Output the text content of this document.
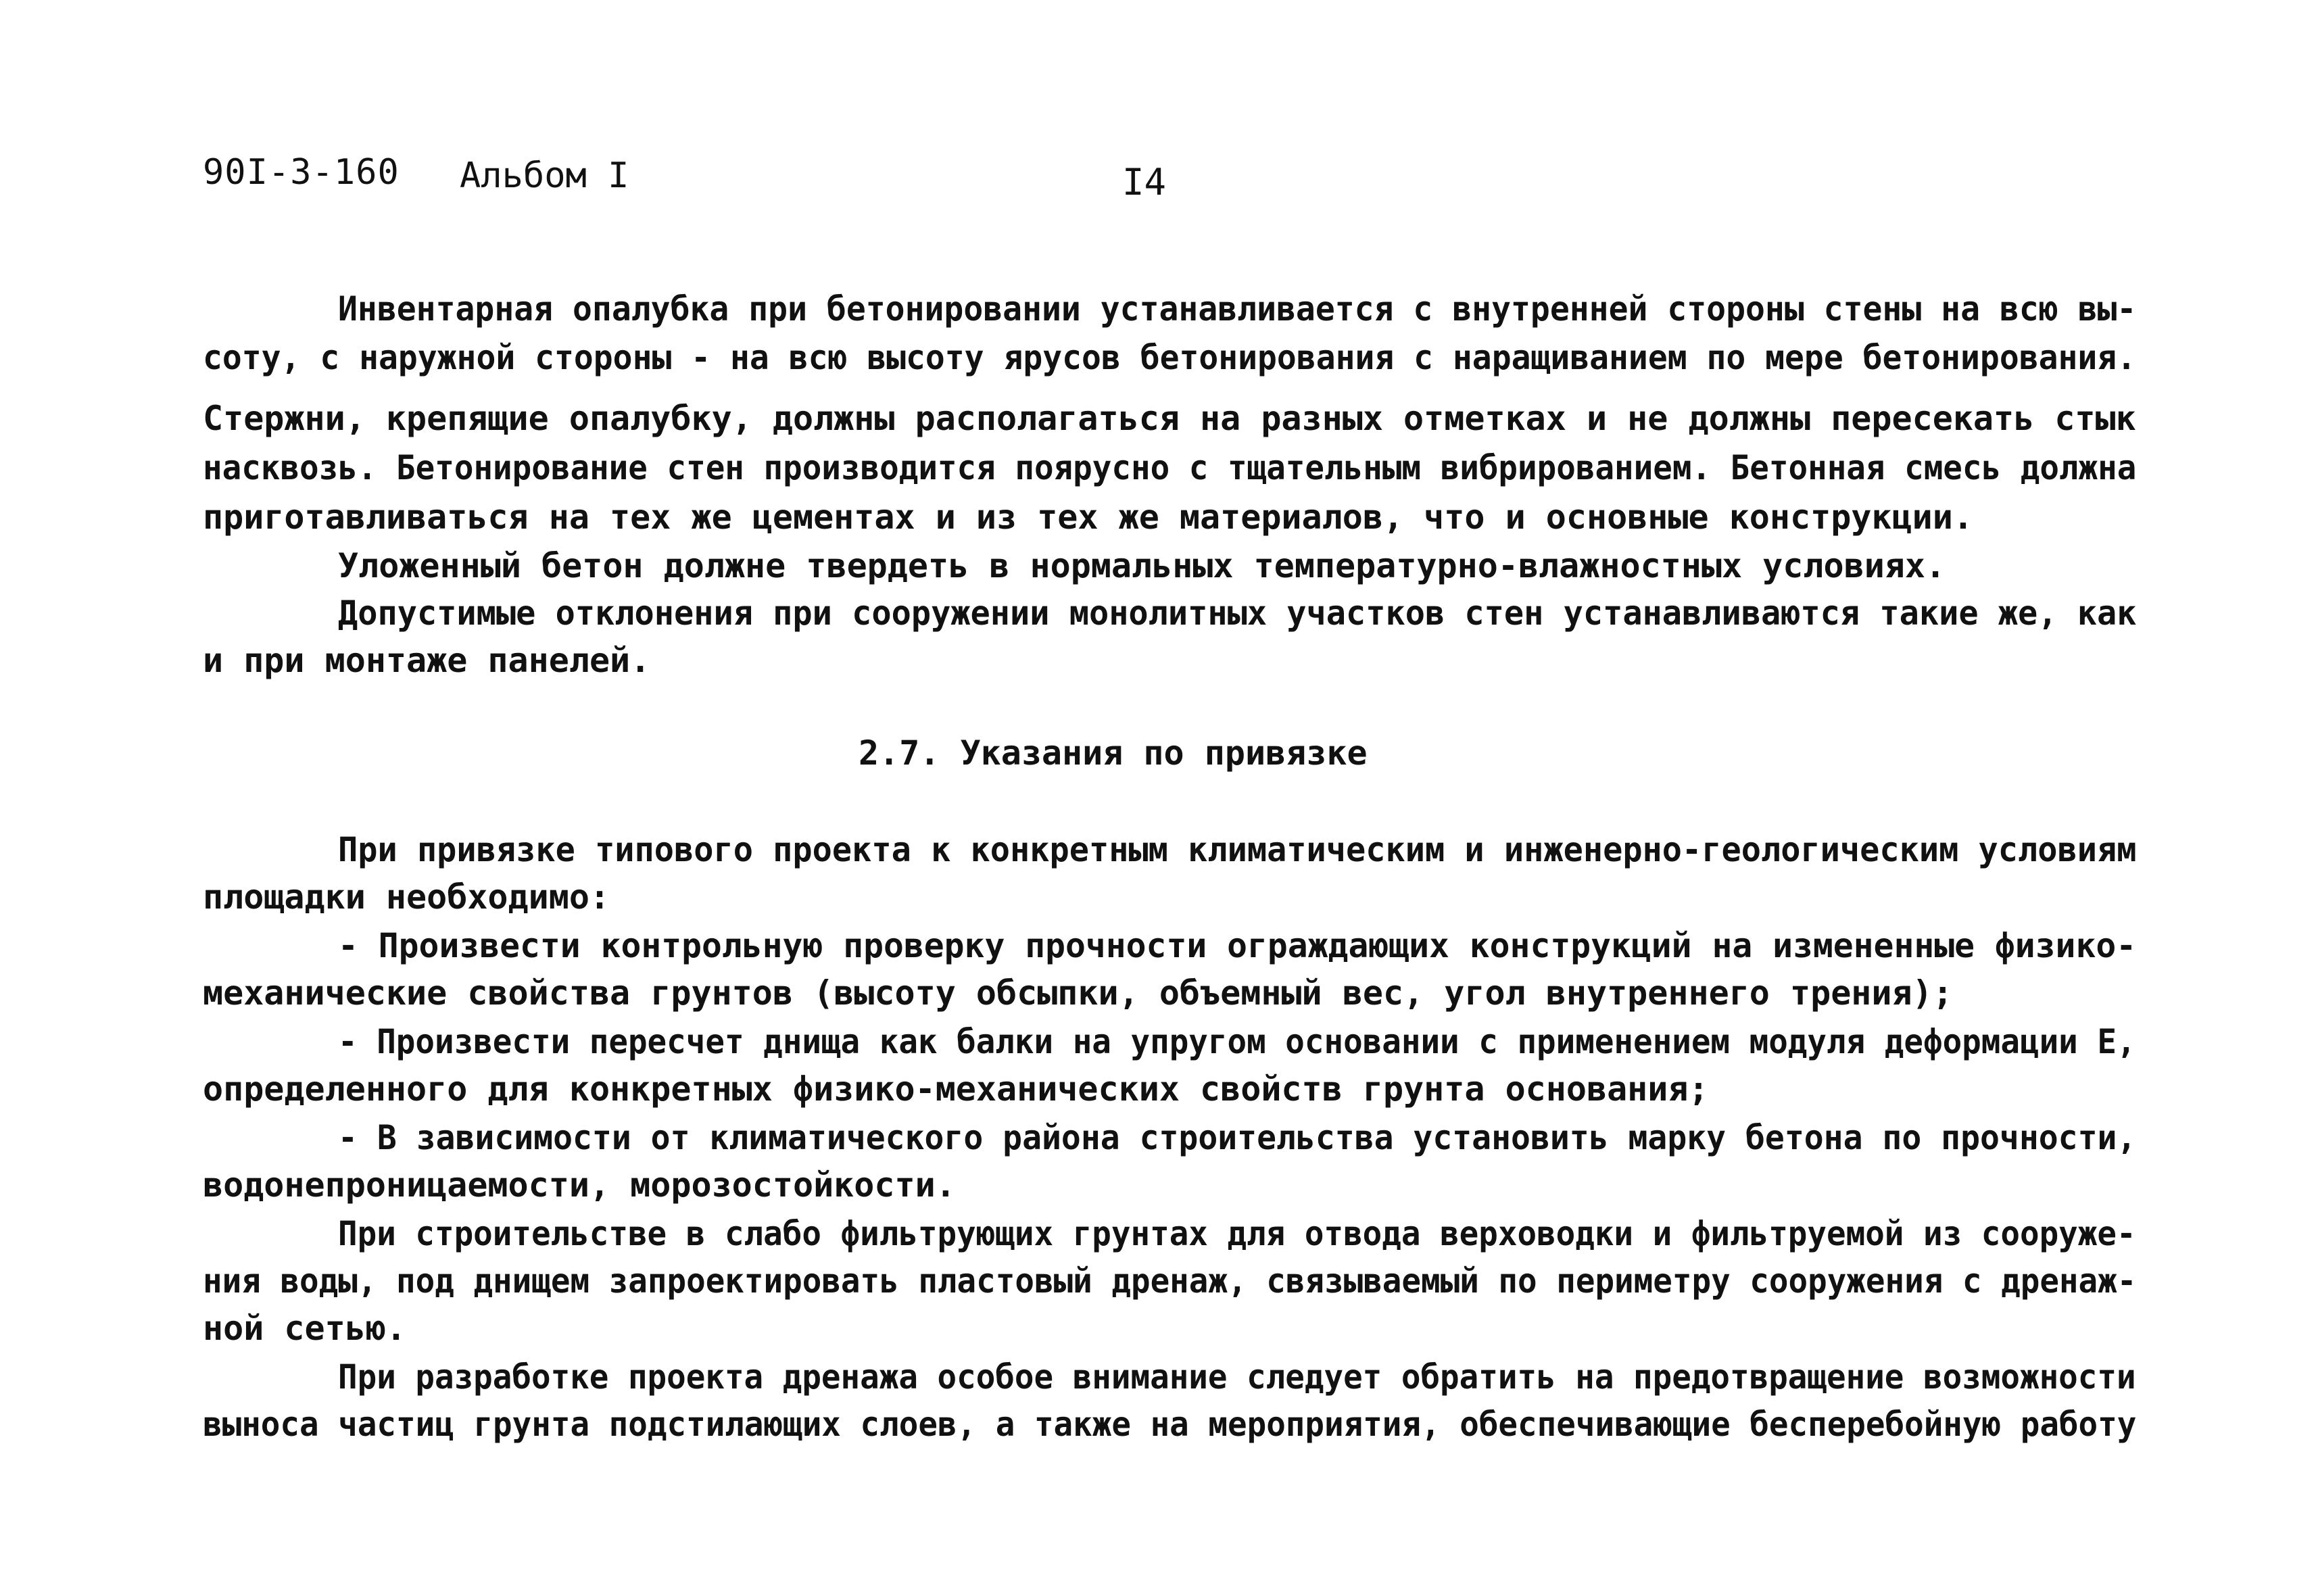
90I-3-160 Альбом I	I4
Инвентарная опалубка при бетонировании устанавливается с внутренней стороны стены на всю вы-
соту, с наружной стороны - на всю высоту ярусов бетонирования с наращиванием по мере бетонирования.
Стержни, крепящие опалубку, должны располагаться на разных отметках и не должны пересекать стык
насквозь. Бетонирование стен производится поярусно с тщательным вибрированием. Бетонная смесь должна
приготавливаться на тех же цементах и из тех же материалов, что и основные конструкции.
Уложенный бетон должне твердеть в нормальных температурно-влажностных условиях.
Допустимые отклонения при сооружении монолитных участков стен устанавливаются такие же, как
и при монтаже панелей.
2.7. Указания по привязке
При привязке типового проекта к конкретным климатическим и инженерно-геологическим условиям
площадки необходимо:
- Произвести контрольную проверку прочности ограждающих конструкций на измененные физико-
механические свойства грунтов (высоту обсыпки, объемный вес, угол внутреннего трения);
- Произвести пересчет днища как балки на упругом основании с применением модуля деформации Е,
определенного для конкретных физико-механических свойств грунта основания;
- В зависимости от климатического района строительства установить марку бетона по прочности,
водонепроницаемости, морозостойкости.
При строительстве в слабо фильтрующих грунтах для отвода верховодки и фильтруемой из сооруже-
ния воды, под днищем запроектировать пластовый дренаж, связываемый по периметру сооружения с дренаж-
ной сетью.
При разработке проекта дренажа особое внимание следует обратить на предотвращение возможности
выноса частиц грунта подстилающих слоев, а также на мероприятия, обеспечивающие бесперебойную работу
